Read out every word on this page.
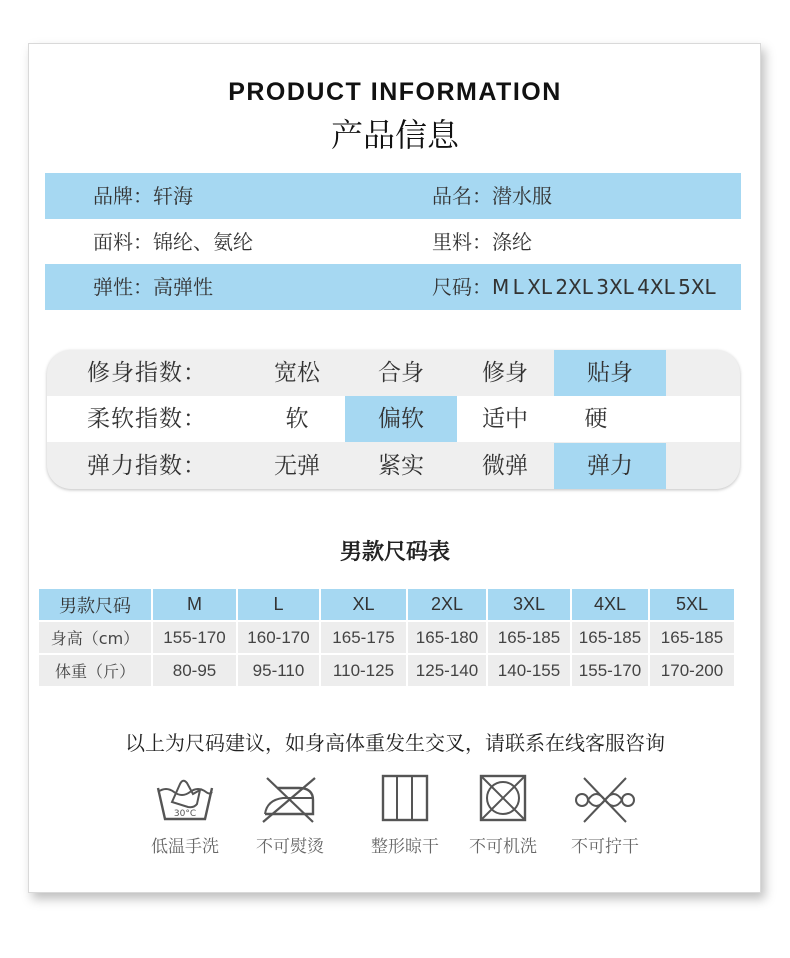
PRODUCT INFORMATION
产品信息
品牌：轩海	品名：潜水服
面料：锦纶、氨纶	里料：涤纶
弹性：高弹性	尺码：M L XL 2XL 3XL 4XL 5XL
修身指数：	宽松	合身	修身	贴身
柔软指数：	软	偏软	适中	硬
弹力指数：	无弹	紧实	微弹	弹力
男款尺码表
男款尺码	M	L	XL	2XL	3XL	4XL	5XL
身高（cm）	155-170	160-170	165-175	165-180	165-185	165-185	165-185
体重（斤）	80-95	95-110	110-125	125-140	140-155	155-170	170-200
以上为尺码建议，如身高体重发生交叉，请联系在线客服咨询
30°C
低温手洗	不可熨烫	整形晾干	不可机洗	不可拧干
